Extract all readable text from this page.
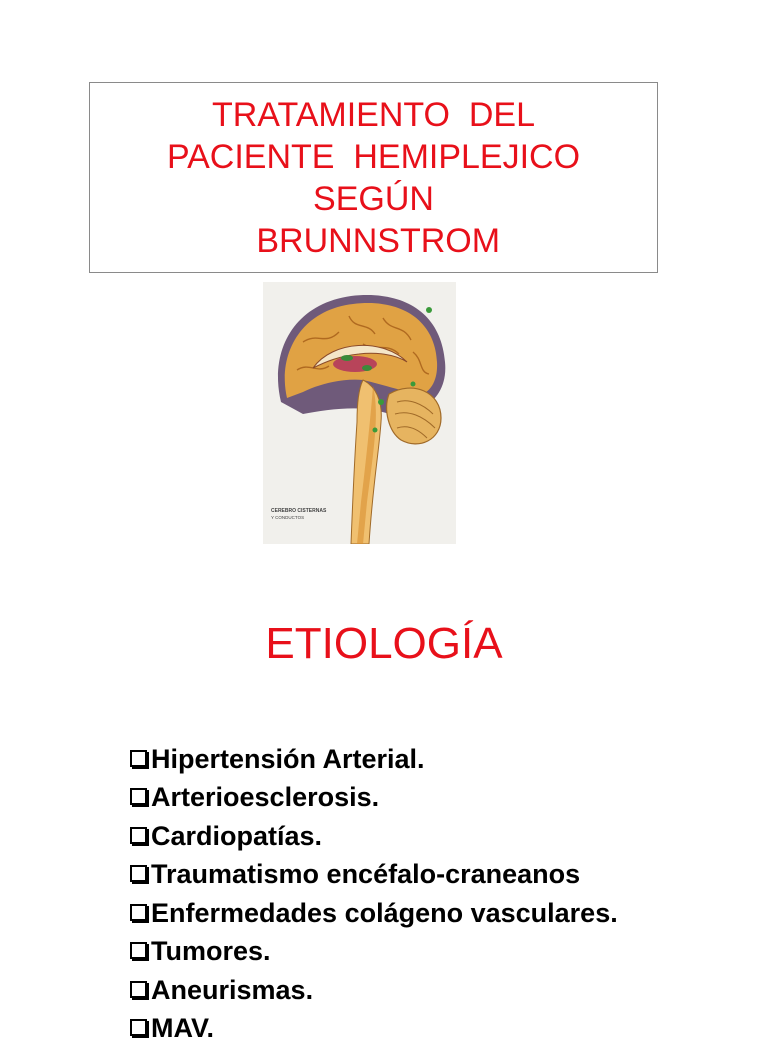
TRATAMIENTO  DEL
PACIENTE  HEMIPLEJICO
SEGÚN
BRUNNSTROM
CEREBRO CISTERNAS
Y CONDUCTOS
ETIOLOGÍA
Hipertensión Arterial.
Arterioesclerosis.
Cardiopatías.
Traumatismo encéfalo-craneanos
Enfermedades colágeno vasculares.
Tumores.
Aneurismas.
MAV.
